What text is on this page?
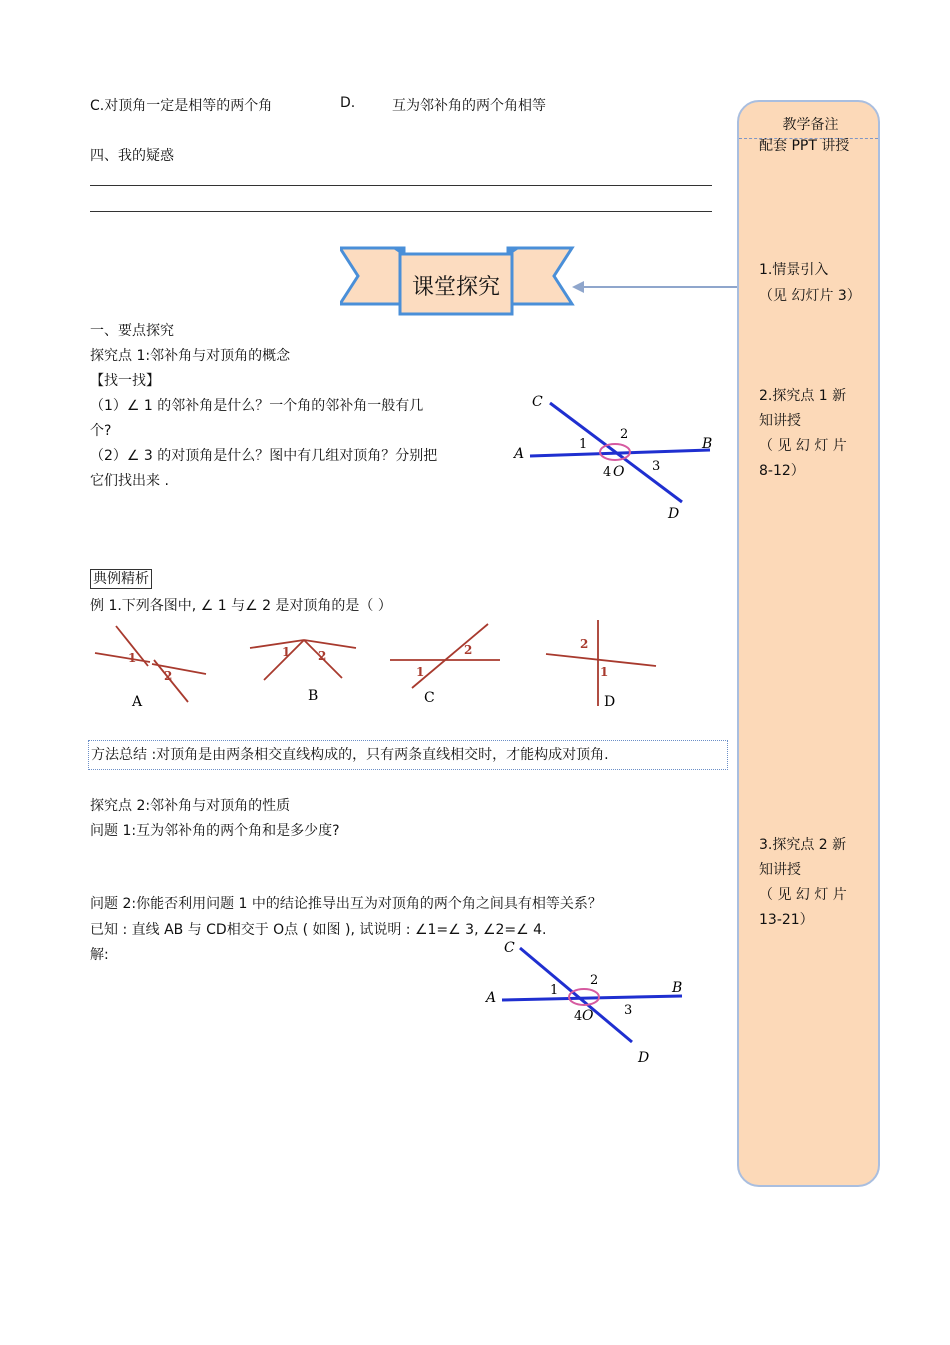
C.对顶角一定是相等的两个角	D.	互为邻补角的两个角相等
四、我的疑惑
课堂探究
一、要点探究
探究点 1:邻补角与对顶角的概念
【找一找】
（1）∠ 1 的邻补角是什么？一个角的邻补角一般有几
个?
（2）∠ 3 的对顶角是什么？图中有几组对顶角？分别把
它们找出来 .
C
A
B
D
O
1
2
3
4
典例精析
例 1.下列各图中, ∠ 1 与∠ 2 是对顶角的是（ ）
1
2
1 2
1
2	2
1
A	B	C	D
方法总结 :对顶角是由两条相交直线构成的，只有两条直线相交时，才能构成对顶角.
探究点 2:邻补角与对顶角的性质
问题 1:互为邻补角的两个角和是多少度?
问题 2:你能否利用问题 1 中的结论推导出互为对顶角的两个角之间具有相等关系？
已知 : 直线 AB 与 CD相交于 O点 ( 如图 ), 试说明 : ∠1=∠ 3, ∠2=∠ 4.
解:	C
A
B
D
O
1
2
3
4
教学备注
配套 PPT 讲授
1.情景引入
（见 幻灯片 3）
2.探究点 1 新
知讲授
（ 见 幻 灯 片
8-12）
3.探究点 2 新
知讲授
（ 见 幻 灯 片
13-21）
